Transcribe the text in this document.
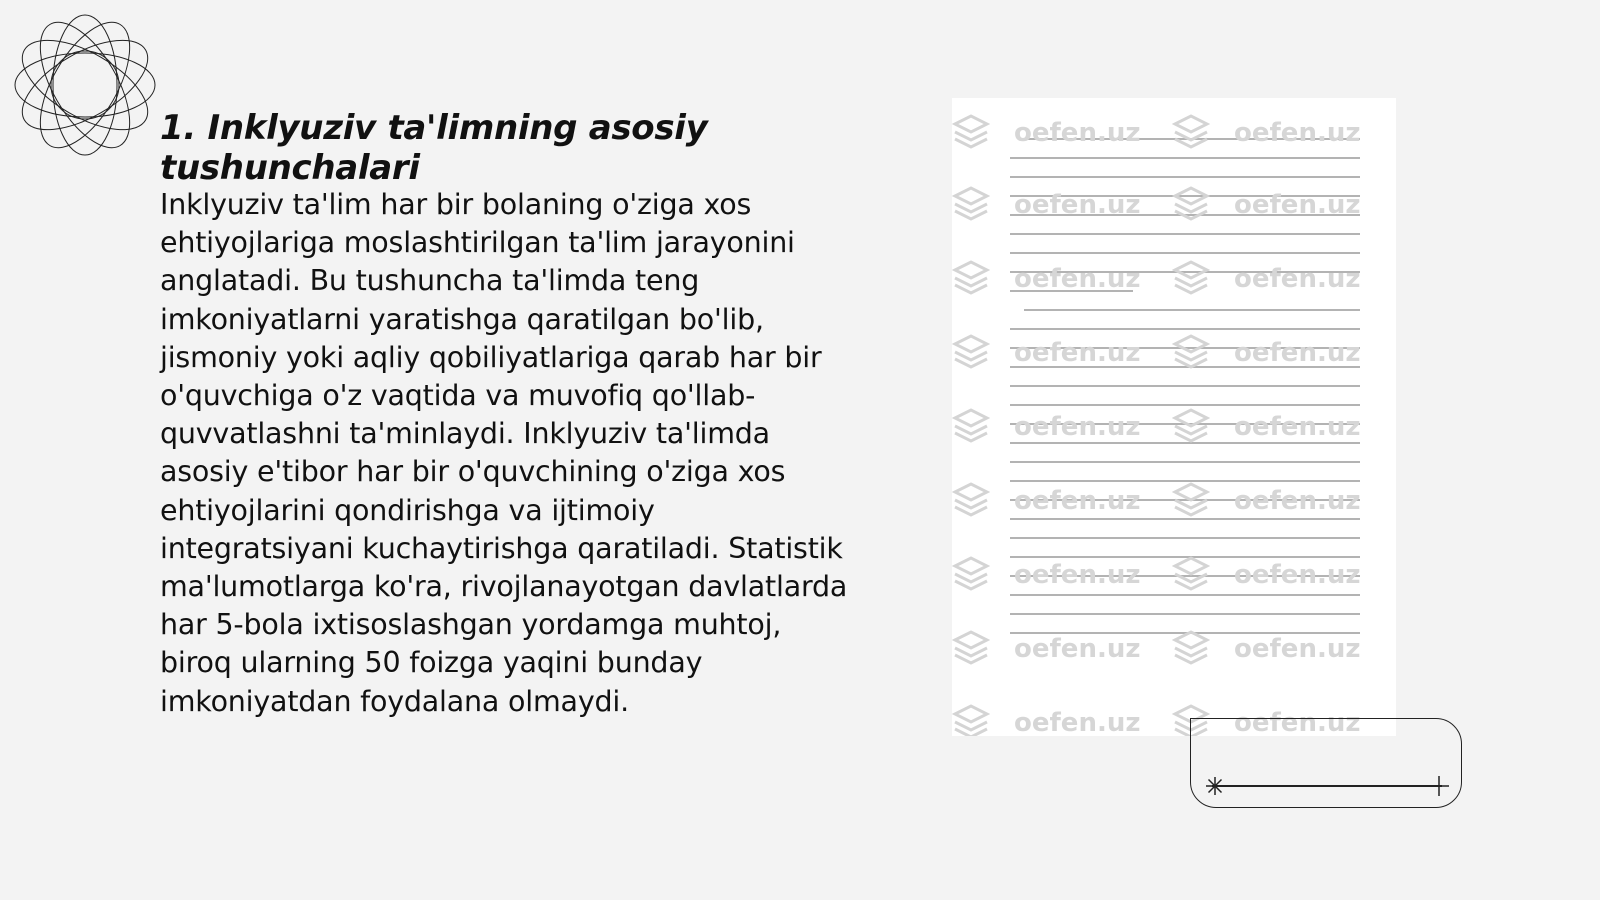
1. Inklyuziv ta'limning asosiy tushunchalari

Inklyuziv ta'lim har bir bolaning o'ziga xos ehtiyojlariga moslashtirilgan ta'lim jarayonini anglatadi. Bu tushuncha ta'limda teng imkoniyatlarni yaratishga qaratilgan bo'lib, jismoniy yoki aqliy qobiliyatlariga qarab har bir o'quvchiga o'z vaqtida va muvofiq qo'llab-quvvatlashni ta'minlaydi. Inklyuziv ta'limda asosiy e'tibor har bir o'quvchining o'ziga xos ehtiyojlarini qondirishga va ijtimoiy integratsiyani kuchaytirishga qaratiladi. Statistik ma'lumotlarga ko'ra, rivojlanayotgan davlatlarda har 5-bola ixtisoslashgan yordamga muhtoj, biroq ularning 50 foizga yaqini bunday imkoniyatdan foydalana olmaydi.

oefen.uz	oefen.uz
oefen.uz	oefen.uz
oefen.uz	oefen.uz
oefen.uz	oefen.uz
oefen.uz	oefen.uz
oefen.uz	oefen.uz
oefen.uz	oefen.uz
oefen.uz	oefen.uz
oefen.uz	oefen.uz
